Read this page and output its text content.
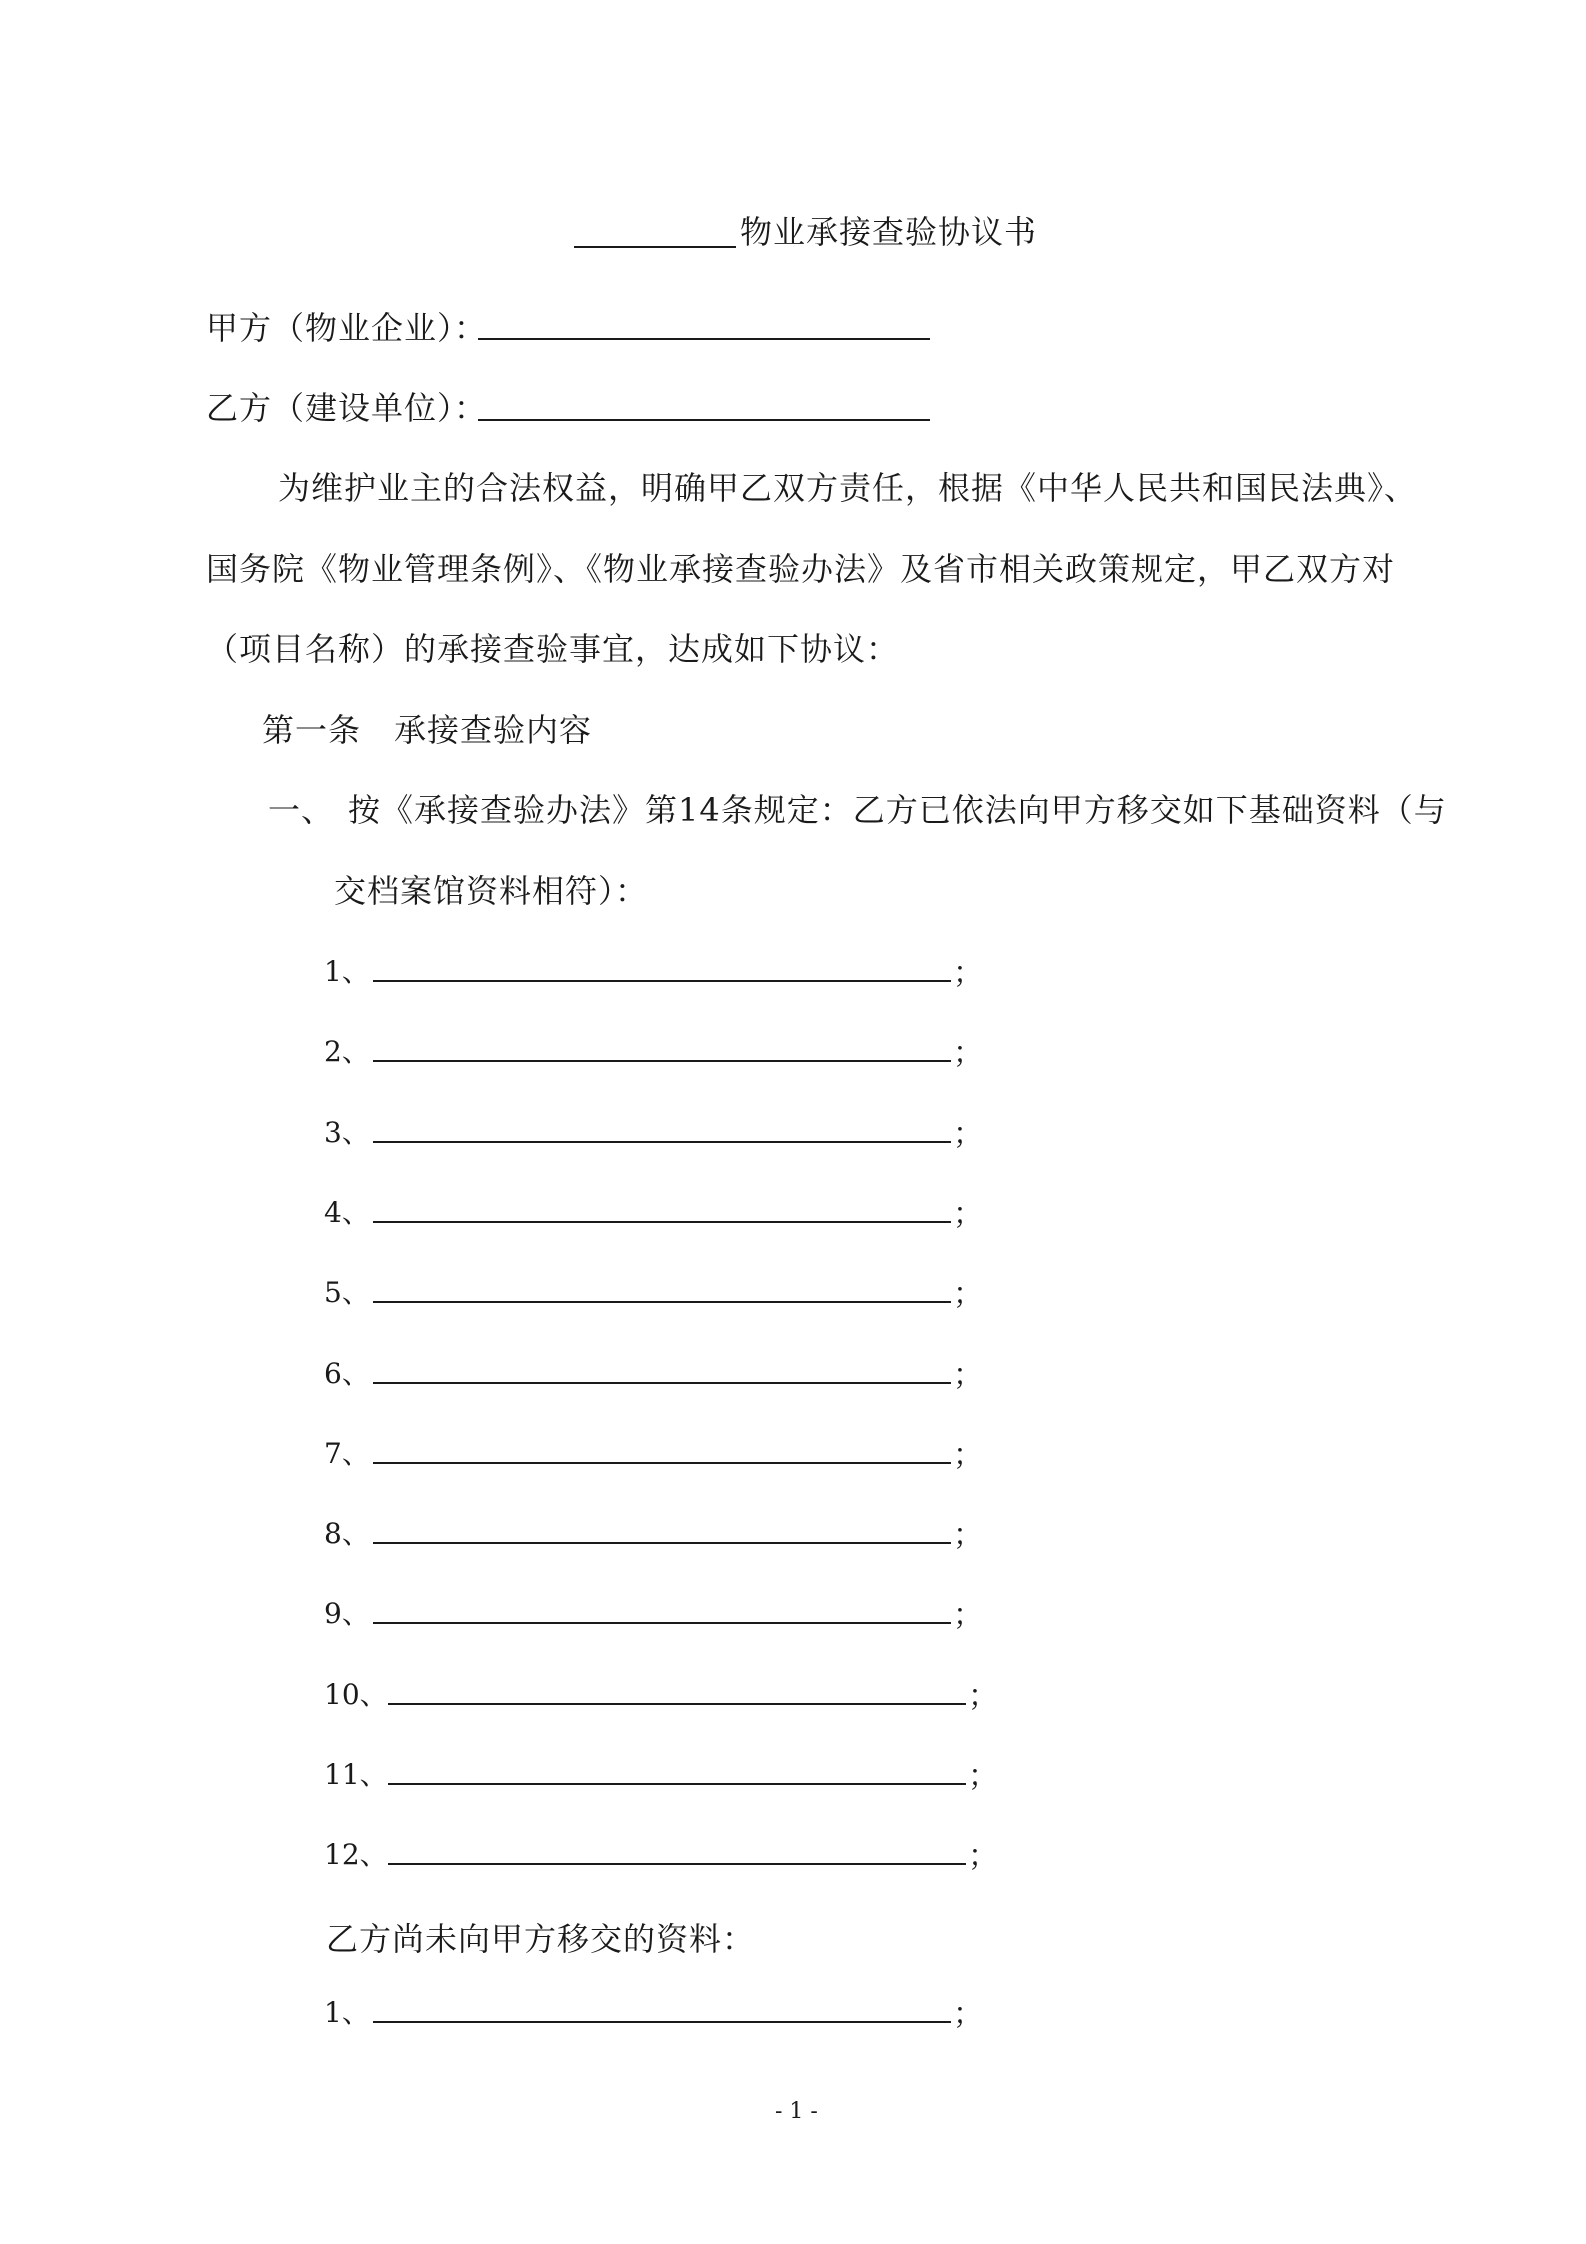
物业承接查验协议书
甲方（物业企业）：
乙方（建设单位）：
为维护业主的合法权益，明确甲乙双方责任，根据《中华人民共和国民法典》、
国务院《物业管理条例》、《物业承接查验办法》及省市相关政策规定，甲乙双方对
（项目名称）的承接查验事宜，达成如下协议：
第一条　承接查验内容
一、 按《承接查验办法》第14条规定：乙方已依法向甲方移交如下基础资料（与
交档案馆资料相符）：
1、	；
2、	；
3、	；
4、	；
5、	；
6、	；
7、	；
8、	；
9、	；
10、	；
11、	；
12、	；
乙方尚未向甲方移交的资料：
1、	；
- 1 -
